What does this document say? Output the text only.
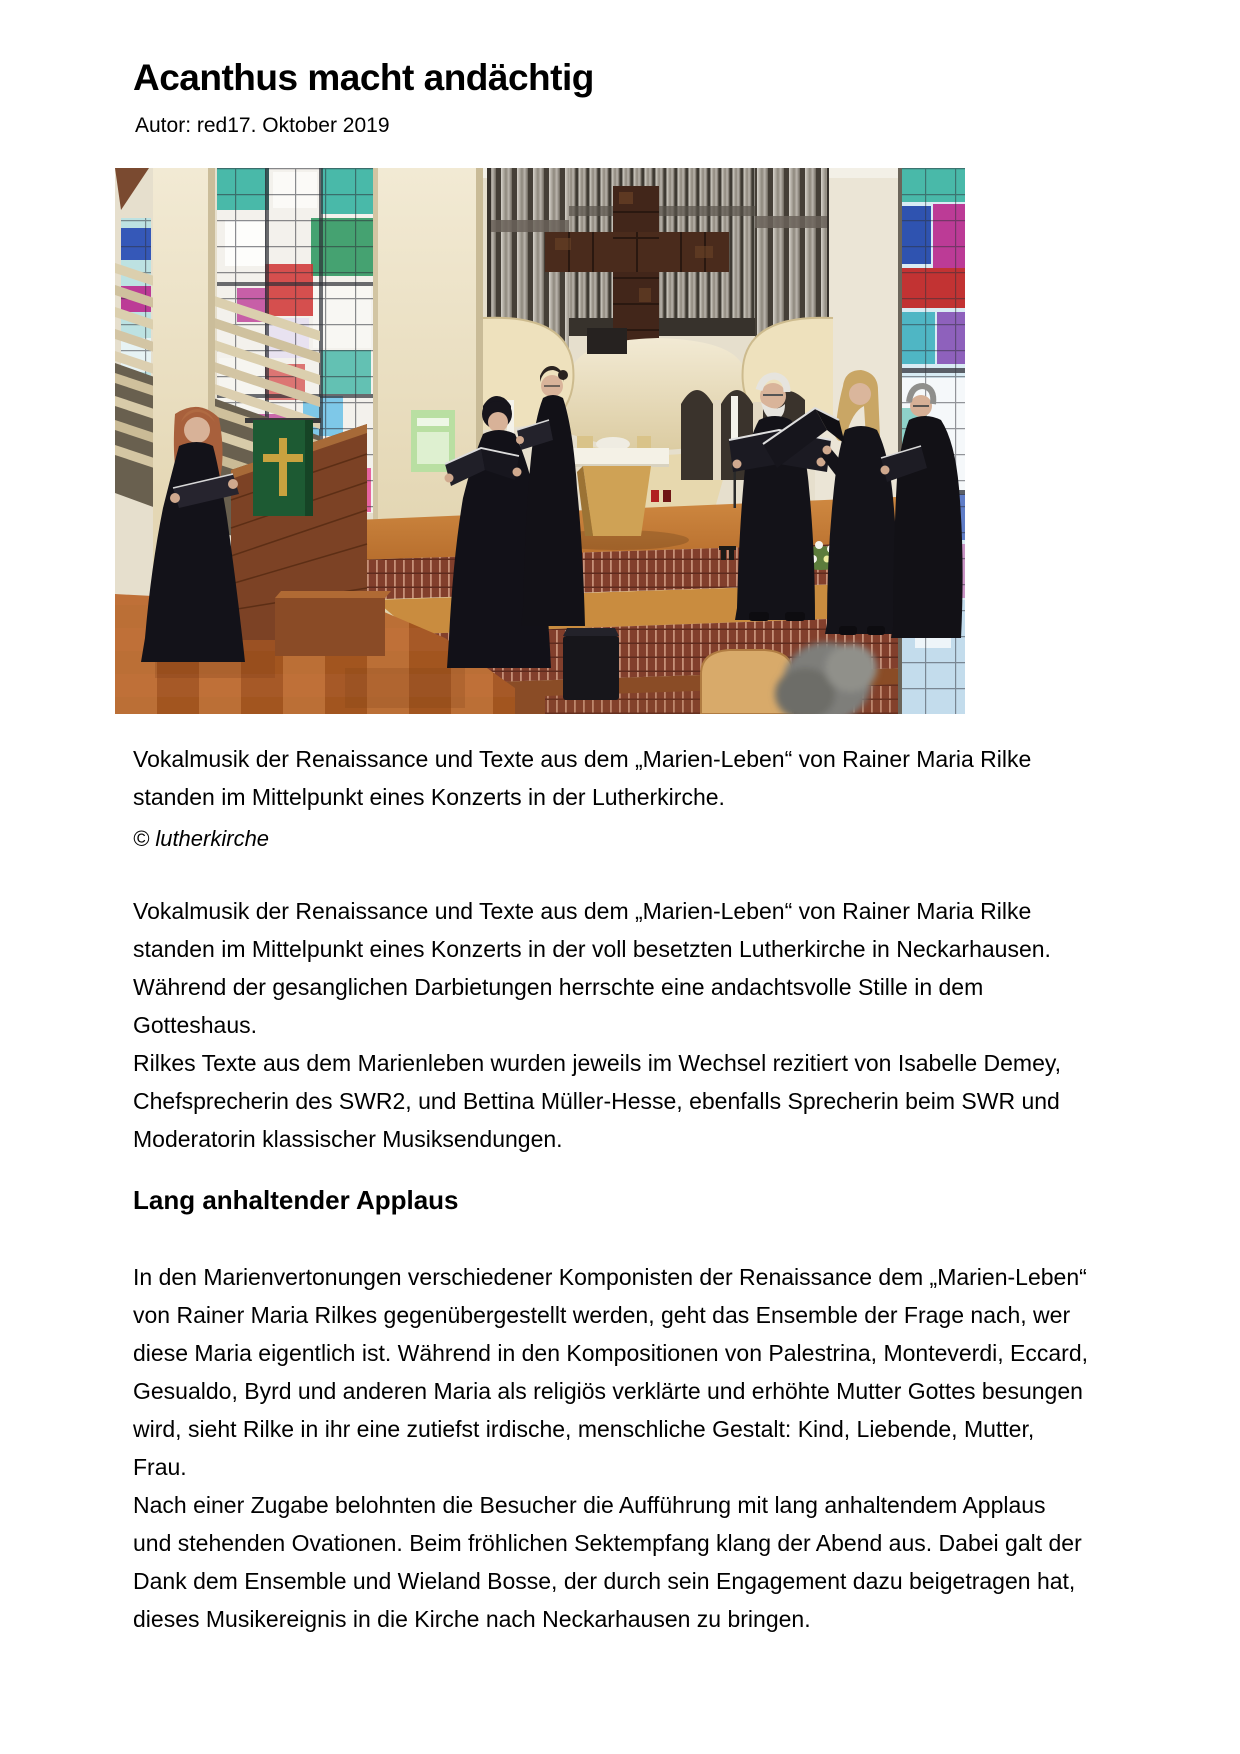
Acanthus macht andächtig

Autor: red17. Oktober 2019

Vokalmusik der Renaissance und Texte aus dem „Marien-Leben“ von Rainer Maria Rilke standen im Mittelpunkt eines Konzerts in der Lutherkirche.

© lutherkirche

Vokalmusik der Renaissance und Texte aus dem „Marien-Leben“ von Rainer Maria Rilke standen im Mittelpunkt eines Konzerts in der voll besetzten Lutherkirche in Neckarhausen. Während der gesanglichen Darbietungen herrschte eine andachtsvolle Stille in dem Gotteshaus.
Rilkes Texte aus dem Marienleben wurden jeweils im Wechsel rezitiert von Isabelle Demey, Chefsprecherin des SWR2, und Bettina Müller-Hesse, ebenfalls Sprecherin beim SWR und Moderatorin klassischer Musiksendungen.

Lang anhaltender Applaus

In den Marienvertonungen verschiedener Komponisten der Renaissance dem „Marien-Leben“ von Rainer Maria Rilkes gegenübergestellt werden, geht das Ensemble der Frage nach, wer diese Maria eigentlich ist. Während in den Kompositionen von Palestrina, Monteverdi, Eccard, Gesualdo, Byrd und anderen Maria als religiös verklärte und erhöhte Mutter Gottes besungen wird, sieht Rilke in ihr eine zutiefst irdische, menschliche Gestalt: Kind, Liebende, Mutter, Frau.
Nach einer Zugabe belohnten die Besucher die Aufführung mit lang anhaltendem Applaus und stehenden Ovationen. Beim fröhlichen Sektempfang klang der Abend aus. Dabei galt der Dank dem Ensemble und Wieland Bosse, der durch sein Engagement dazu beigetragen hat, dieses Musikereignis in die Kirche nach Neckarhausen zu bringen.
